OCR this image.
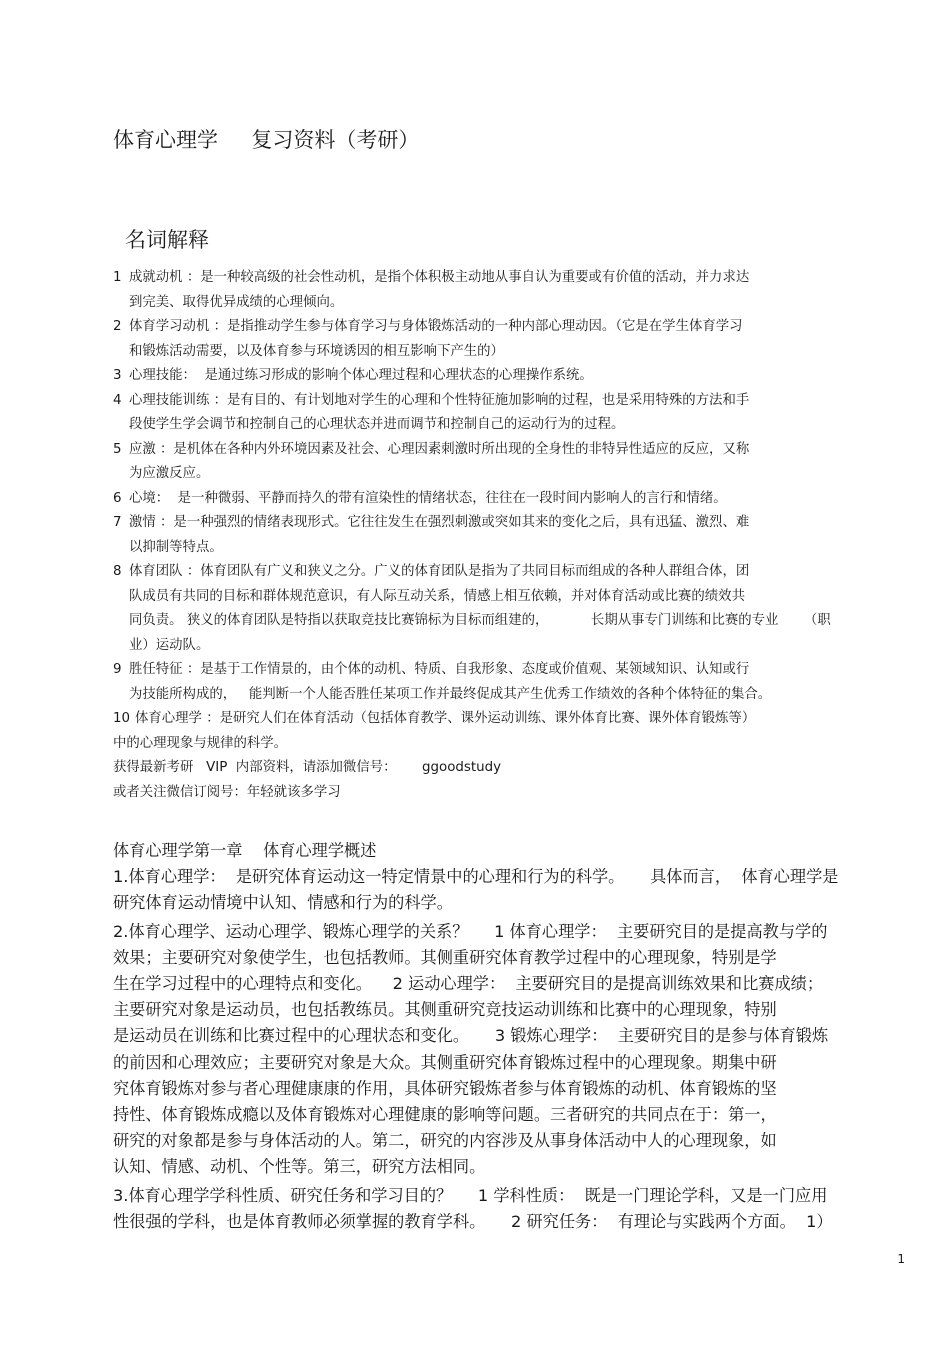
体育心理学     复习资料（考研）
名词解释
1 成就动机 ：是一种较高级的社会性动机，是指个体积极主动地从事自认为重要或有价值的活动，并力求达
到完美、取得优异成绩的心理倾向。
2 体育学习动机 ：是指推动学生参与体育学习与身体锻炼活动的一种内部心理动因。（它是在学生体育学习
和锻炼活动需要，以及体育参与环境诱因的相互影响下产生的）
3 心理技能：  是通过练习形成的影响个体心理过程和心理状态的心理操作系统。
4 心理技能训练 ：是有目的、有计划地对学生的心理和个性特征施加影响的过程，也是采用特殊的方法和手
段使学生学会调节和控制自己的心理状态并进而调节和控制自己的运动行为的过程。
5 应激 ：是机体在各种内外环境因素及社会、心理因素刺激时所出现的全身性的非特异性适应的反应，又称
为应激反应。
6 心境：  是一种微弱、平静而持久的带有渲染性的情绪状态，往往在一段时间内影响人的言行和情绪。
7 激情 ：是一种强烈的情绪表现形式。它往往发生在强烈刺激或突如其来的变化之后，具有迅猛、激烈、难
以抑制等特点。
8 体育团队 ：体育团队有广义和狭义之分。广义的体育团队是指为了共同目标而组成的各种人群组合体，团
队成员有共同的目标和群体规范意识，有人际互动关系，情感上相互依赖，并对体育活动或比赛的绩效共
同负责。 狭义的体育团队是特指以获取竞技比赛锦标为目标而组建的，          长期从事专门训练和比赛的专业      （职
业）运动队。
9 胜任特征 ：是基于工作情景的，由个体的动机、特质、自我形象、态度或价值观、某领域知识、认知或行
为技能所构成的，   能判断一个人能否胜任某项工作并最终促成其产生优秀工作绩效的各种个体特征的集合。
10 体育心理学 ：是研究人们在体育活动（包括体育教学、课外运动训练、课外体育比赛、课外体育锻炼等）
中的心理现象与规律的科学。
获得最新考研   VIP  内部资料，请添加微信号：      ggoodstudy
或者关注微信订阅号：年轻就该多学习
体育心理学第一章    体育心理学概述

1.体育心理学：  是研究体育运动这一特定情景中的心理和行为的科学。     具体而言，  体育心理学是
研究体育运动情境中认知、情感和行为的科学。

2.体育心理学、运动心理学、锻炼心理学的关系？     1 体育心理学：  主要研究目的是提高教与学的
效果；主要研究对象使学生，也包括教师。其侧重研究体育教学过程中的心理现象，特别是学
生在学习过程中的心理特点和变化。    2 运动心理学：  主要研究目的是提高训练效果和比赛成绩；
主要研究对象是运动员，也包括教练员。其侧重研究竞技运动训练和比赛中的心理现象，特别
是运动员在训练和比赛过程中的心理状态和变化。     3 锻炼心理学：  主要研究目的是参与体育锻炼
的前因和心理效应；主要研究对象是大众。其侧重研究体育锻炼过程中的心理现象。期集中研
究体育锻炼对参与者心理健康康的作用，具体研究锻炼者参与体育锻炼的动机、体育锻炼的坚
持性、体育锻炼成瘾以及体育锻炼对心理健康的影响等问题。三者研究的共同点在于：第一，
研究的对象都是参与身体活动的人。第二，研究的内容涉及从事身体活动中人的心理现象，如
认知、情感、动机、个性等。第三，研究方法相同。

3.体育心理学学科性质、研究任务和学习目的？     1 学科性质：  既是一门理论学科，又是一门应用
性很强的学科，也是体育教师必须掌握的教育学科。     2 研究任务：  有理论与实践两个方面。  1）

1
